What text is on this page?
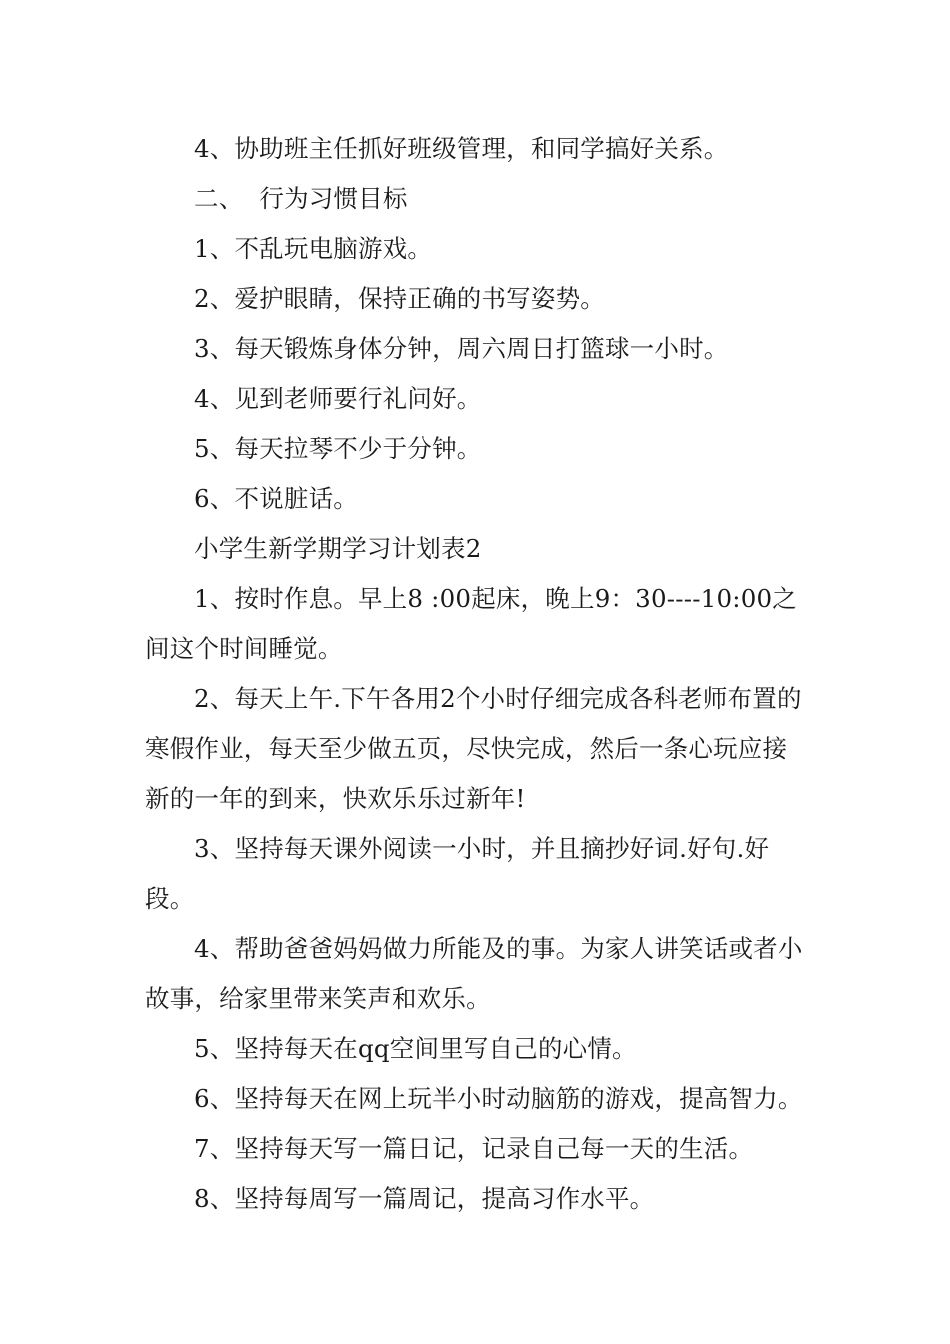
4、协助班主任抓好班级管理，和同学搞好关系。

二、  行为习惯目标

1、不乱玩电脑游戏。

2、爱护眼睛，保持正确的书写姿势。

3、每天锻炼身体分钟，周六周日打篮球一小时。

4、见到老师要行礼问好。

5、每天拉琴不少于分钟。

6、不说脏话。

小学生新学期学习计划表2

1、按时作息。早上8 :00起床，晚上9：30----10:00之间这个时间睡觉。

2、每天上午.下午各用2个小时仔细完成各科老师布置的寒假作业，每天至少做五页，尽快完成，然后一条心玩应接新的一年的到来，快欢乐乐过新年!

3、坚持每天课外阅读一小时，并且摘抄好词.好句.好段。

4、帮助爸爸妈妈做力所能及的事。为家人讲笑话或者小故事，给家里带来笑声和欢乐。

5、坚持每天在qq空间里写自己的心情。

6、坚持每天在网上玩半小时动脑筋的游戏，提高智力。

7、坚持每天写一篇日记，记录自己每一天的生活。

8、坚持每周写一篇周记，提高习作水平。
